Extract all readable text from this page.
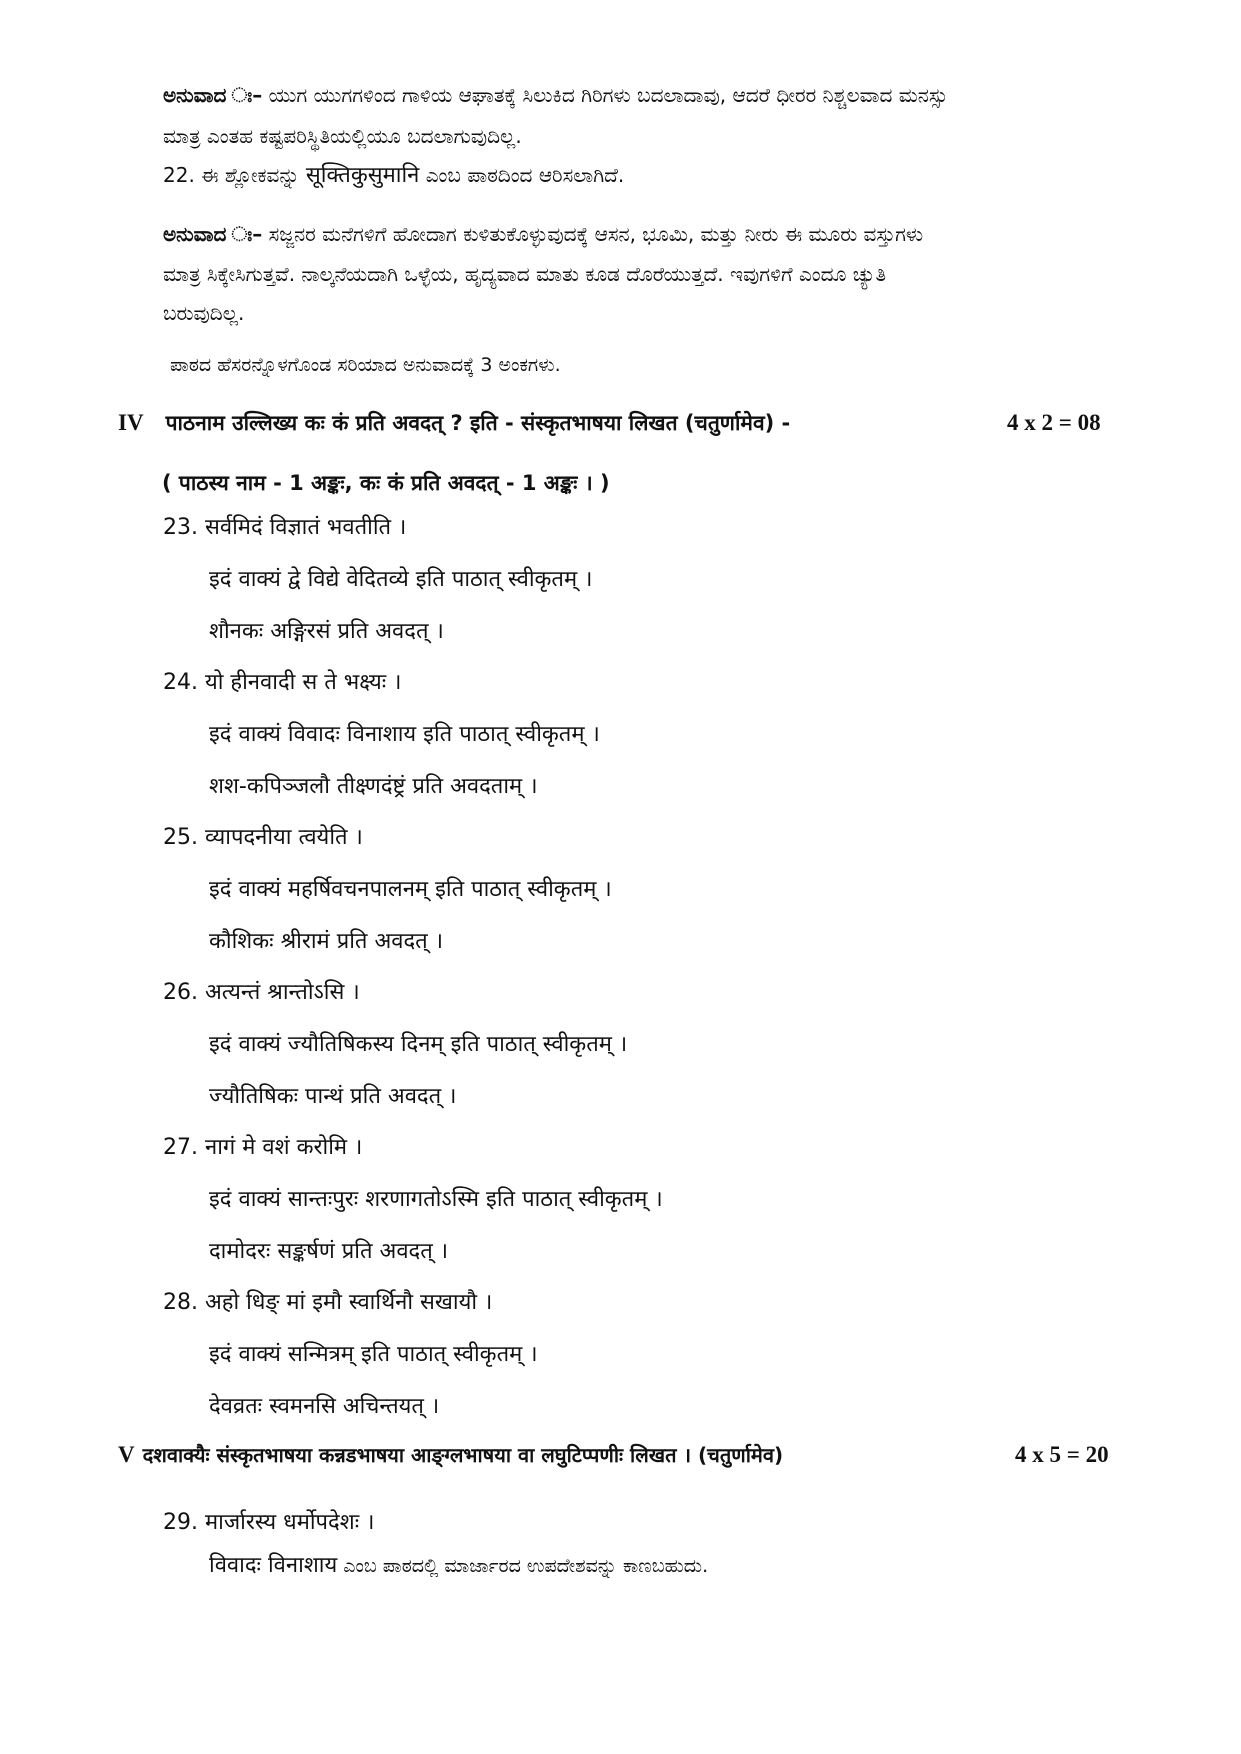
ಅನುವಾದ ಃ– ಯುಗ ಯುಗಗಳಿಂದ ಗಾಳಿಯ ಆಘಾತಕ್ಕೆ ಸಿಲುಕಿದ ಗಿರಿಗಳು ಬದಲಾದಾವು, ಆದರೆ ಧೀರರ ನಿಶ್ಚಲವಾದ ಮನಸ್ಸು
ಮಾತ್ರ ಎಂತಹ ಕಷ್ಟಪರಿಸ್ಥಿತಿಯಲ್ಲಿಯೂ ಬದಲಾಗುವುದಿಲ್ಲ.
22. ಈ ಶ್ಲೋಕವನ್ನು सूक्तिकुसुमानि ಎಂಬ ಪಾಠದಿಂದ ಆರಿಸಲಾಗಿದೆ.
ಅನುವಾದ ಃ– ಸಜ್ಜನರ ಮನೆಗಳಿಗೆ ಹೋದಾಗ ಕುಳಿತುಕೊಳ್ಳುವುದಕ್ಕೆ ಆಸನ, ಭೂಮಿ, ಮತ್ತು ನೀರು ಈ ಮೂರು ವಸ್ತುಗಳು
ಮಾತ್ರ ಸಿಕ್ಕೇಸಿಗುತ್ತವೆ. ನಾಲ್ಕನೆಯದಾಗಿ ಒಳ್ಳೆಯ, ಹೃದ್ಯವಾದ ಮಾತು ಕೂಡ ದೊರೆಯುತ್ತದೆ. ಇವುಗಳಿಗೆ ಎಂದೂ ಚ್ಯುತಿ
ಬರುವುದಿಲ್ಲ.
ಪಾಠದ ಹೆಸರನ್ನೊಳಗೊಂಡ ಸರಿಯಾದ ಅನುವಾದಕ್ಕೆ 3 ಅಂಕಗಳು.
IV पाठनाम उल्लिख्य कः कं प्रति अवदत् ? इति - संस्कृतभाषया लिखत (चतुर्णामेव) -	4 x 2 = 08
( पाठस्य नाम - 1 अङ्कः, कः कं प्रति अवदत् - 1 अङ्कः । )
23. सर्वमिदं विज्ञातं भवतीति ।
इदं वाक्यं द्वे विद्ये वेदितव्ये इति पाठात् स्वीकृतम् ।
शौनकः अङ्गिरसं प्रति अवदत् ।
24. यो हीनवादी स ते भक्ष्यः ।
इदं वाक्यं विवादः विनाशाय इति पाठात् स्वीकृतम् ।
शश-कपिञ्जलौ तीक्ष्णदंष्ट्रं प्रति अवदताम् ।
25. व्यापदनीया त्वयेति ।
इदं वाक्यं महर्षिवचनपालनम् इति पाठात् स्वीकृतम् ।
कौशिकः श्रीरामं प्रति अवदत् ।
26. अत्यन्तं श्रान्तोऽसि ।
इदं वाक्यं ज्यौतिषिकस्य दिनम् इति पाठात् स्वीकृतम् ।
ज्यौतिषिकः पान्थं प्रति अवदत् ।
27. नागं मे वशं करोमि ।
इदं वाक्यं सान्तःपुरः शरणागतोऽस्मि इति पाठात् स्वीकृतम् ।
दामोदरः सङ्कर्षणं प्रति अवदत् ।
28. अहो धिङ् मां इमौ स्वार्थिनौ सखायौ ।
इदं वाक्यं सन्मित्रम् इति पाठात् स्वीकृतम् ।
देवव्रतः स्वमनसि अचिन्तयत् ।
V दशवाक्यैः संस्कृतभाषया कन्नडभाषया आङ्ग्लभाषया वा लघुटिप्पणीः लिखत । (चतुर्णामेव)	4 x 5 = 20
29. मार्जारस्य धर्मोपदेशः ।
विवादः विनाशाय ಎಂಬ ಪಾಠದಲ್ಲಿ ಮಾರ್ಜಾರದ ಉಪದೇಶವನ್ನು ಕಾಣಬಹುದು.
